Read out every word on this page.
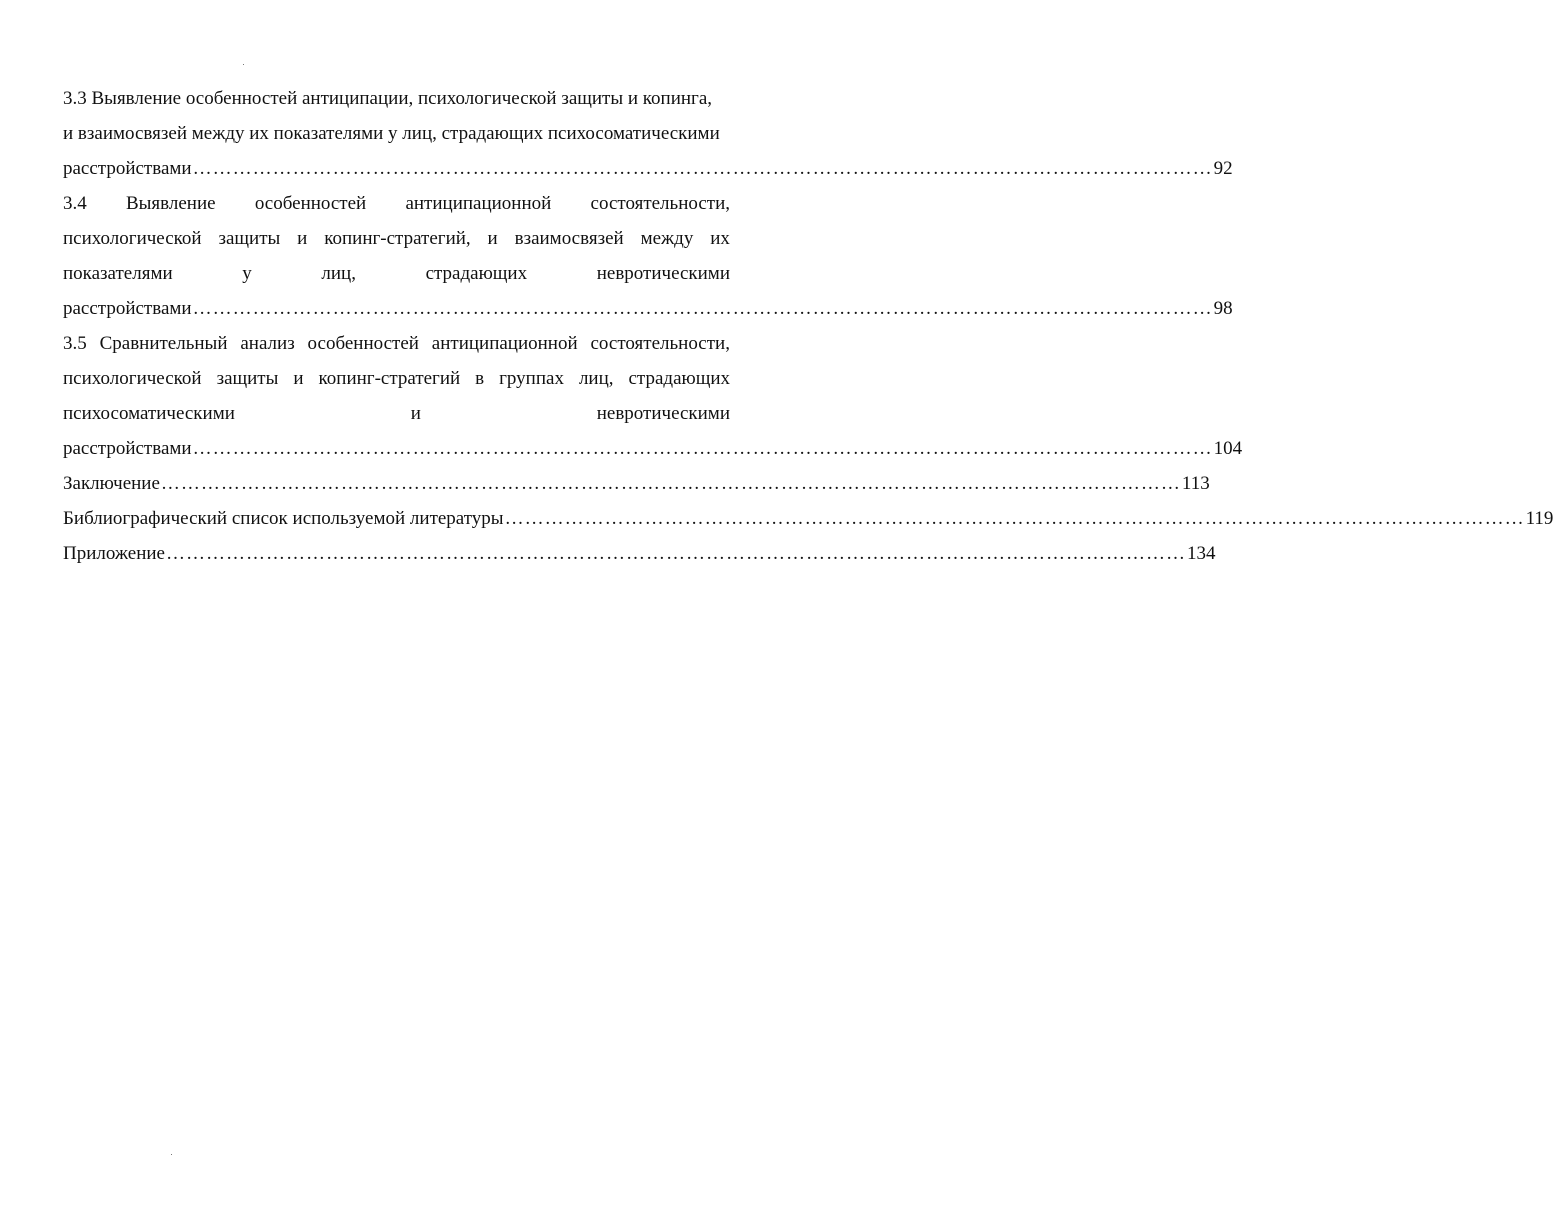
3.3 Выявление особенностей антиципации, психологической защиты и копинга,
и взаимосвязей между их показателями у лиц, страдающих психосоматическими
расстройствами ……………………………………………………………………………………………………………………………………… 92
3.4 Выявление особенностей антиципационной состоятельности,
психологической защиты и копинг-стратегий, и взаимосвязей между их
показателями	у	лиц,	страдающих	невротическими
расстройствами ……………………………………………………………………………………………………………………………………… 98
3.5 Сравнительный анализ особенностей антиципационной состоятельности,
психологической защиты и копинг-стратегий в группах лиц, страдающих
психосоматическими	и	невротическими
расстройствами ……………………………………………………………………………………………………………………………………… 104
Заключение ……………………………………………………………………………………………………………………………………… 113
Библиографический список используемой литературы ……………………………………………………………………………………………………………………………………… 119
Приложение ……………………………………………………………………………………………………………………………………… 134
